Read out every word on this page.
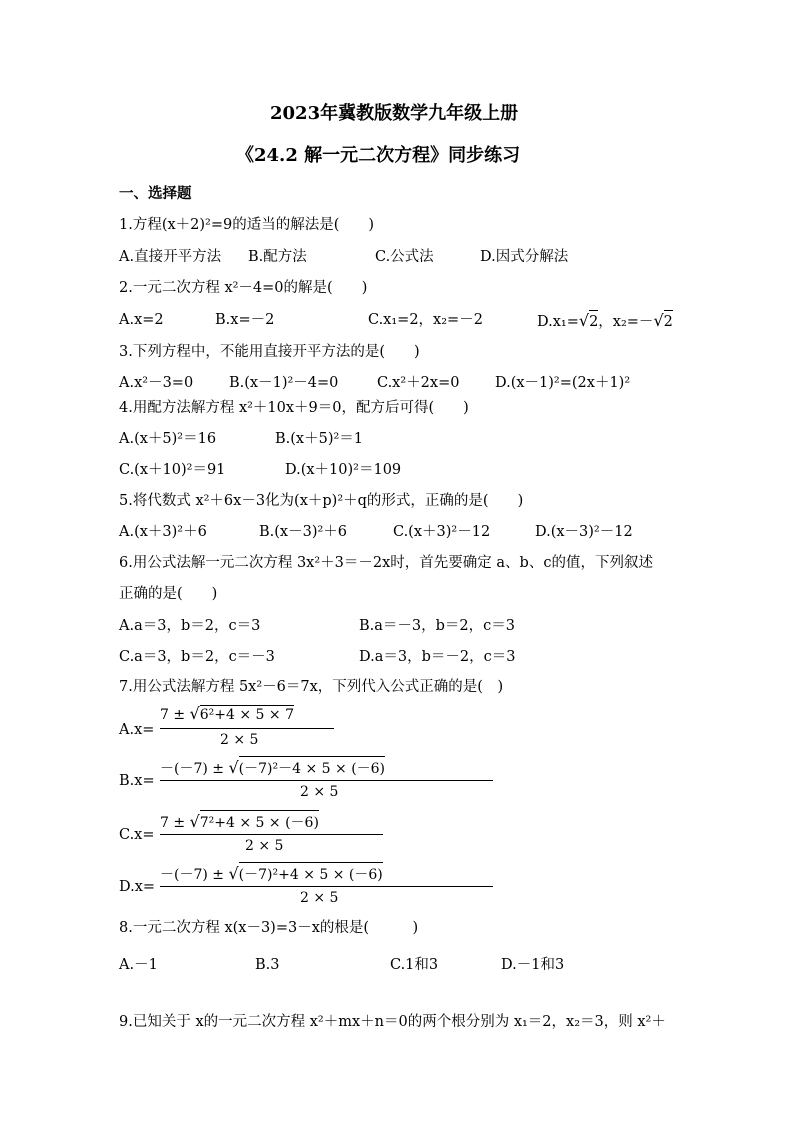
2023年冀教版数学九年级上册
《24.2 解一元二次方程》同步练习
一、选择题
1.方程(x＋2)²=9的适当的解法是(　　)
A.直接开平方法 B.配方法	C.公式法	D.因式分解法
2.一元二次方程 x²－4=0的解是(　　)
A.x=2	B.x=－2	C.x₁=2，x₂=－2	D.x₁=√2，x₂=－√2
3.下列方程中，不能用直接开平方法的是(　　)
A.x²－3=0 B.(x－1)²－4=0	C.x²＋2x=0 D.(x－1)²=(2x＋1)²
4.用配方法解方程 x²＋10x＋9＝0，配方后可得(　　)
A.(x＋5)²＝16	B.(x＋5)²＝1
C.(x＋10)²＝91	D.(x＋10)²＝109
5.将代数式 x²＋6x－3化为(x＋p)²＋q的形式，正确的是(　　)
A.(x＋3)²＋6	B.(x－3)²＋6	C.(x＋3)²－12	D.(x－3)²－12
6.用公式法解一元二次方程 3x²＋3＝－2x时，首先要确定 a、b、c的值，下列叙述
正确的是(　　)
A.a＝3，b＝2，c＝3	B.a＝－3，b＝2，c＝3
C.a＝3，b＝2，c＝－3	D.a＝3，b＝－2，c＝3
7.用公式法解方程 5x²－6＝7x，下列代入公式正确的是(　)
A.x=
7 ± √6²+4 × 5 × 7
2 × 5
B.x=
－(－7) ± √(－7)²－4 × 5 × (－6)
2 × 5
C.x=
7 ± √7²+4 × 5 × (－6)
2 × 5
D.x=
－(－7) ± √(－7)²+4 × 5 × (－6)
2 × 5
8.一元二次方程 x(x－3)=3－x的根是(　　　)
A.－1	B.3	C.1和3	D.－1和3
9.已知关于 x的一元二次方程 x²＋mx＋n＝0的两个根分别为 x₁＝2，x₂＝3，则 x²＋
